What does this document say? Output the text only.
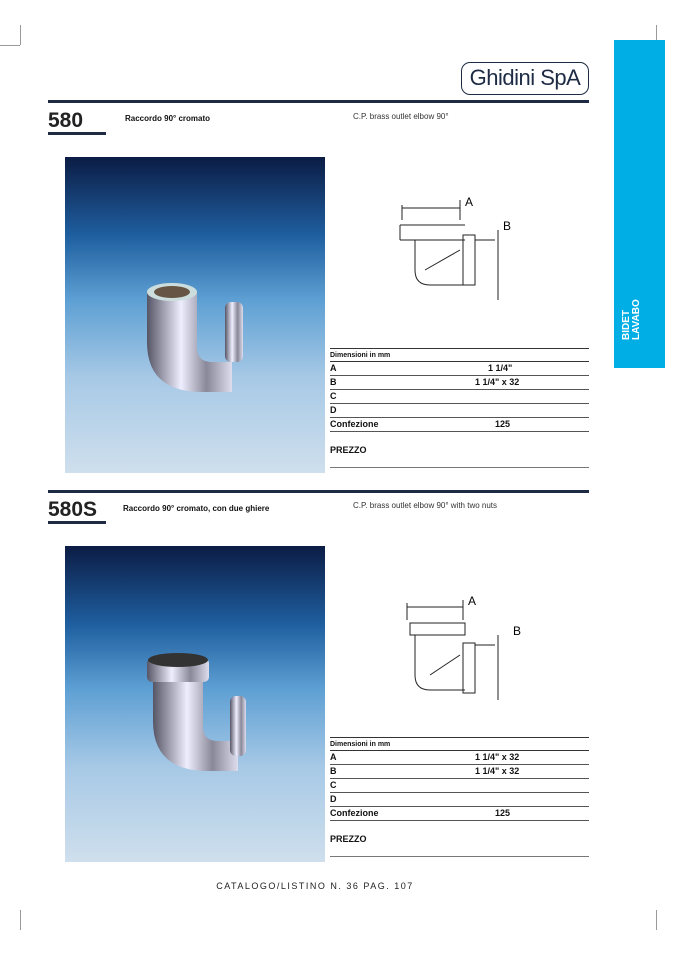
BIDET LAVABO
Ghidini SpA
580	Raccordo 90° cromato	C.P. brass outlet elbow 90°
A
B
Dimensioni in mm
A	1 1/4"
B	1 1/4" x 32
C
D
Confezione	125
PREZZO
580S	Raccordo 90° cromato, con due ghiere	C.P. brass outlet elbow 90° with two nuts
A
B
Dimensioni in mm
A	1 1/4" x 32
B	1 1/4" x 32
C
D
Confezione	125
PREZZO
CATALOGO/LISTINO N. 36 PAG. 107
